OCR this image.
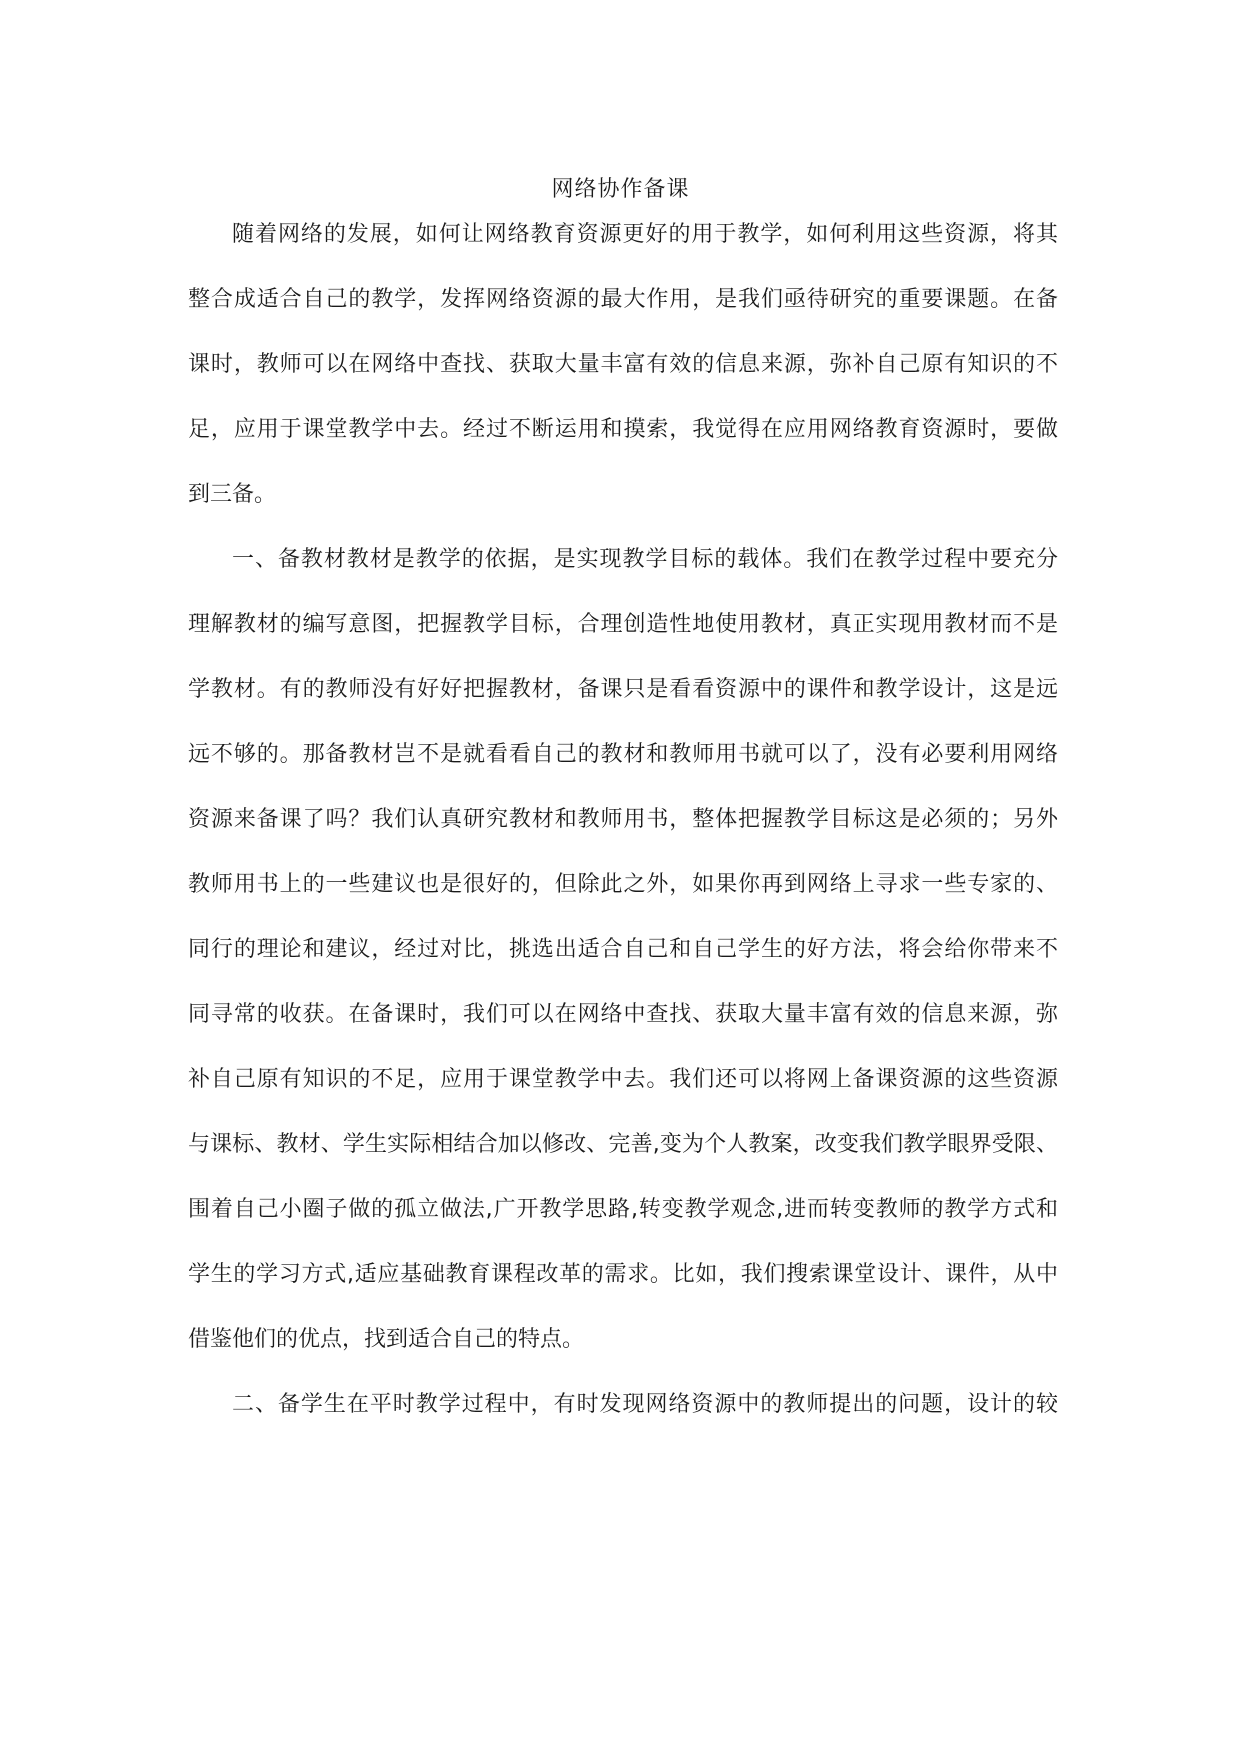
网络协作备课
随着网络的发展，如何让网络教育资源更好的用于教学，如何利用这些资源，将其
整合成适合自己的教学，发挥网络资源的最大作用，是我们亟待研究的重要课题。在备
课时，教师可以在网络中查找、获取大量丰富有效的信息来源，弥补自己原有知识的不
足，应用于课堂教学中去。经过不断运用和摸索，我觉得在应用网络教育资源时，要做
到三备。
一、备教材教材是教学的依据，是实现教学目标的载体。我们在教学过程中要充分
理解教材的编写意图，把握教学目标，合理创造性地使用教材，真正实现用教材而不是
学教材。有的教师没有好好把握教材，备课只是看看资源中的课件和教学设计，这是远
远不够的。那备教材岂不是就看看自己的教材和教师用书就可以了，没有必要利用网络
资源来备课了吗？我们认真研究教材和教师用书，整体把握教学目标这是必须的；另外
教师用书上的一些建议也是很好的，但除此之外，如果你再到网络上寻求一些专家的、
同行的理论和建议，经过对比，挑选出适合自己和自己学生的好方法，将会给你带来不
同寻常的收获。在备课时，我们可以在网络中查找、获取大量丰富有效的信息来源，弥
补自己原有知识的不足，应用于课堂教学中去。我们还可以将网上备课资源的这些资源
与课标、教材、学生实际相结合加以修改、完善,变为个人教案，改变我们教学眼界受限、
围着自己小圈子做的孤立做法,广开教学思路,转变教学观念,进而转变教师的教学方式和
学生的学习方式,适应基础教育课程改革的需求。比如，我们搜索课堂设计、课件，从中
借鉴他们的优点，找到适合自己的特点。
二、备学生在平时教学过程中，有时发现网络资源中的教师提出的问题，设计的较
